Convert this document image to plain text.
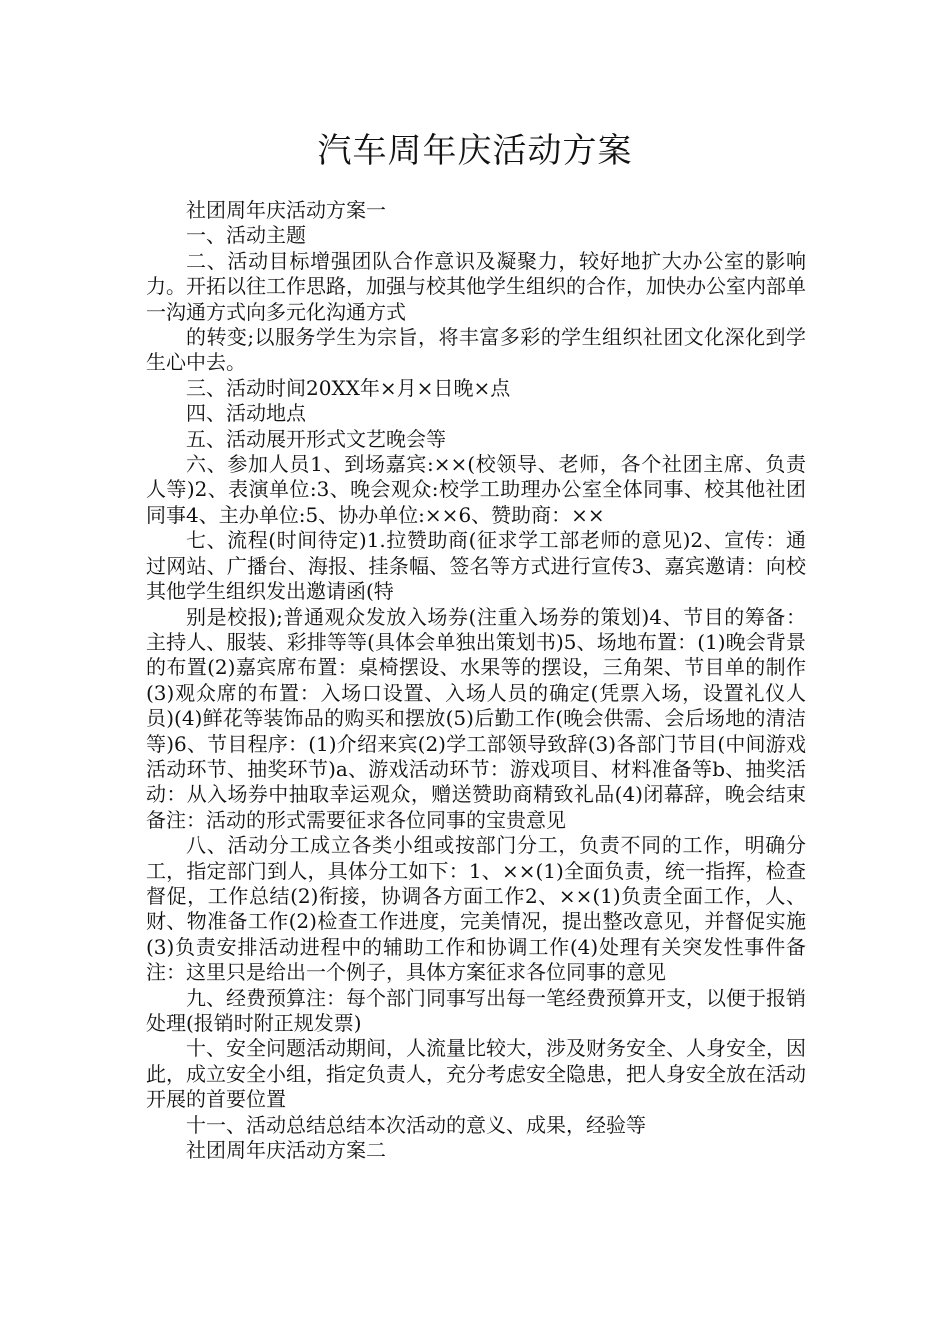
汽车周年庆活动方案

社团周年庆活动方案一

一、活动主题

二、活动目标增强团队合作意识及凝聚力，较好地扩大办公室的影响力。开拓以往工作思路，加强与校其他学生组织的合作，加快办公室内部单一沟通方式向多元化沟通方式

的转变;以服务学生为宗旨，将丰富多彩的学生组织社团文化深化到学生心中去。

三、活动时间20XX年×月×日晚×点

四、活动地点

五、活动展开形式文艺晚会等

六、参加人员1、到场嘉宾:××(校领导、老师，各个社团主席、负责人等)2、表演单位:3、晚会观众:校学工助理办公室全体同事、校其他社团同事4、主办单位:5、协办单位:××6、赞助商：××

七、流程(时间待定)1.拉赞助商(征求学工部老师的意见)2、宣传：通过网站、广播台、海报、挂条幅、签名等方式进行宣传3、嘉宾邀请：向校其他学生组织发出邀请函(特

别是校报);普通观众发放入场券(注重入场券的策划)4、节目的筹备：主持人、服装、彩排等等(具体会单独出策划书)5、场地布置：(1)晚会背景的布置(2)嘉宾席布置：桌椅摆设、水果等的摆设，三角架、节目单的制作(3)观众席的布置：入场口设置、入场人员的确定(凭票入场，设置礼仪人员)(4)鲜花等装饰品的购买和摆放(5)后勤工作(晚会供需、会后场地的清洁等)6、节目程序：(1)介绍来宾(2)学工部领导致辞(3)各部门节目(中间游戏活动环节、抽奖环节)a、游戏活动环节：游戏项目、材料准备等b、抽奖活动：从入场券中抽取幸运观众，赠送赞助商精致礼品(4)闭幕辞，晚会结束备注：活动的形式需要征求各位同事的宝贵意见

八、活动分工成立各类小组或按部门分工，负责不同的工作，明确分工，指定部门到人，具体分工如下：1、××(1)全面负责，统一指挥，检查督促，工作总结(2)衔接，协调各方面工作2、××(1)负责全面工作，人、财、物准备工作(2)检查工作进度，完美情况，提出整改意见，并督促实施(3)负责安排活动进程中的辅助工作和协调工作(4)处理有关突发性事件备注：这里只是给出一个例子，具体方案征求各位同事的意见

九、经费预算注：每个部门同事写出每一笔经费预算开支，以便于报销处理(报销时附正规发票)

十、安全问题活动期间，人流量比较大，涉及财务安全、人身安全，因此，成立安全小组，指定负责人，充分考虑安全隐患，把人身安全放在活动开展的首要位置

十一、活动总结总结本次活动的意义、成果，经验等

社团周年庆活动方案二
